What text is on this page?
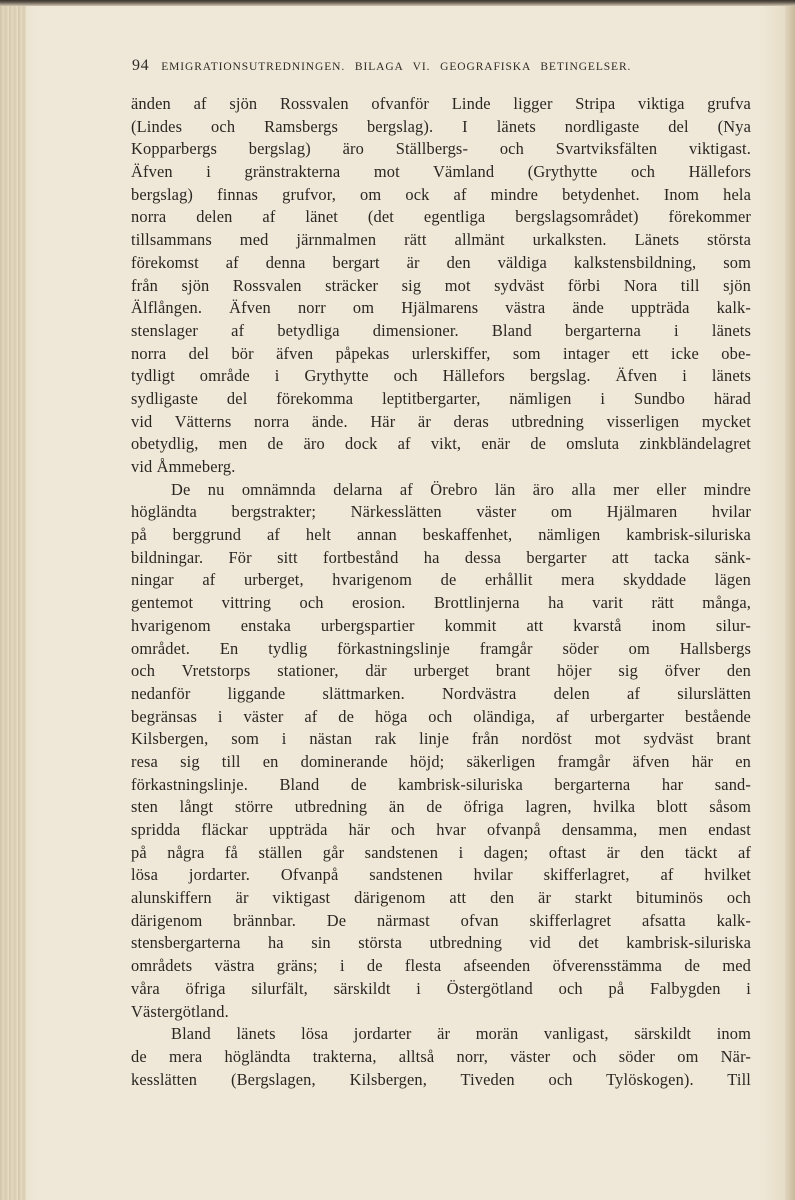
94 EMIGRATIONSUTREDNINGEN. BILAGA VI. GEOGRAFISKA BETINGELSER.
änden af sjön Rossvalen ofvanför Linde ligger Stripa viktiga grufva
(Lindes och Ramsbergs bergslag). I länets nordligaste del (Nya
Kopparbergs bergslag) äro Ställbergs- och Svartviksfälten viktigast.
Äfven i gränstrakterna mot Vämland (Grythytte och Hällefors
bergslag) finnas grufvor, om ock af mindre betydenhet. Inom hela
norra delen af länet (det egentliga bergslagsområdet) förekommer
tillsammans med järnmalmen rätt allmänt urkalksten. Länets största
förekomst af denna bergart är den väldiga kalkstensbildning, som
från sjön Rossvalen sträcker sig mot sydväst förbi Nora till sjön
Älflången. Äfven norr om Hjälmarens västra ände uppträda kalk-
stenslager af betydliga dimensioner. Bland bergarterna i länets
norra del bör äfven påpekas urlerskiffer, som intager ett icke obe-
tydligt område i Grythytte och Hällefors bergslag. Äfven i länets
sydligaste del förekomma leptitbergarter, nämligen i Sundbo härad
vid Vätterns norra ände. Här är deras utbredning visserligen mycket
obetydlig, men de äro dock af vikt, enär de omsluta zinkbländelagret
vid Åmmeberg.
De nu omnämnda delarna af Örebro län äro alla mer eller mindre
högländta bergstrakter; Närkesslätten väster om Hjälmaren hvilar
på berggrund af helt annan beskaffenhet, nämligen kambrisk-siluriska
bildningar. För sitt fortbestånd ha dessa bergarter att tacka sänk-
ningar af urberget, hvarigenom de erhållit mera skyddade lägen
gentemot vittring och erosion. Brottlinjerna ha varit rätt många,
hvarigenom enstaka urbergspartier kommit att kvarstå inom silur-
området. En tydlig förkastningslinje framgår söder om Hallsbergs
och Vretstorps stationer, där urberget brant höjer sig öfver den
nedanför liggande slättmarken. Nordvästra delen af silurslätten
begränsas i väster af de höga och oländiga, af urbergarter bestående
Kilsbergen, som i nästan rak linje från nordöst mot sydväst brant
resa sig till en dominerande höjd; säkerligen framgår äfven här en
förkastningslinje. Bland de kambrisk-siluriska bergarterna har sand-
sten långt större utbredning än de öfriga lagren, hvilka blott såsom
spridda fläckar uppträda här och hvar ofvanpå densamma, men endast
på några få ställen går sandstenen i dagen; oftast är den täckt af
lösa jordarter. Ofvanpå sandstenen hvilar skifferlagret, af hvilket
alunskiffern är viktigast därigenom att den är starkt bituminös och
därigenom brännbar. De närmast ofvan skifferlagret afsatta kalk-
stensbergarterna ha sin största utbredning vid det kambrisk-siluriska
områdets västra gräns; i de flesta afseenden öfverensstämma de med
våra öfriga silurfält, särskildt i Östergötland och på Falbygden i
Västergötland.
Bland länets lösa jordarter är morän vanligast, särskildt inom
de mera högländta trakterna, alltså norr, väster och söder om När-
kesslätten (Bergslagen, Kilsbergen, Tiveden och Tylöskogen). Till
